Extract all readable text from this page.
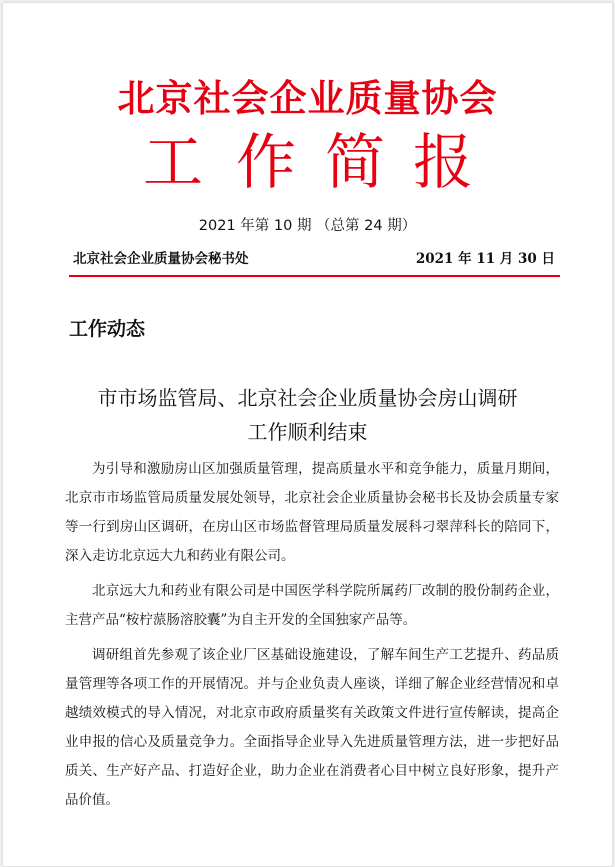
北京社会企业质量协会
工 作 简 报
2021 年第 10 期 （总第 24 期）
北京社会企业质量协会秘书处	2021 年 11 月 30 日
工作动态
市市场监管局、北京社会企业质量协会房山调研
工作顺利结束

为引导和激励房山区加强质量管理，提高质量水平和竞争能力，质量月期间，北京市市场监管局质量发展处领导，北京社会企业质量协会秘书长及协会质量专家等一行到房山区调研，在房山区市场监督管理局质量发展科刁翠萍科长的陪同下，深入走访北京远大九和药业有限公司。

北京远大九和药业有限公司是中国医学科学院所属药厂改制的股份制药企业，主营产品“桉柠蒎肠溶胶囊”为自主开发的全国独家产品等。

调研组首先参观了该企业厂区基础设施建设，了解车间生产工艺提升、药品质量管理等各项工作的开展情况。并与企业负责人座谈，详细了解企业经营情况和卓越绩效模式的导入情况，对北京市政府质量奖有关政策文件进行宣传解读，提高企业申报的信心及质量竞争力。全面指导企业导入先进质量管理方法，进一步把好品质关、生产好产品、打造好企业，助力企业在消费者心目中树立良好形象，提升产品价值。
